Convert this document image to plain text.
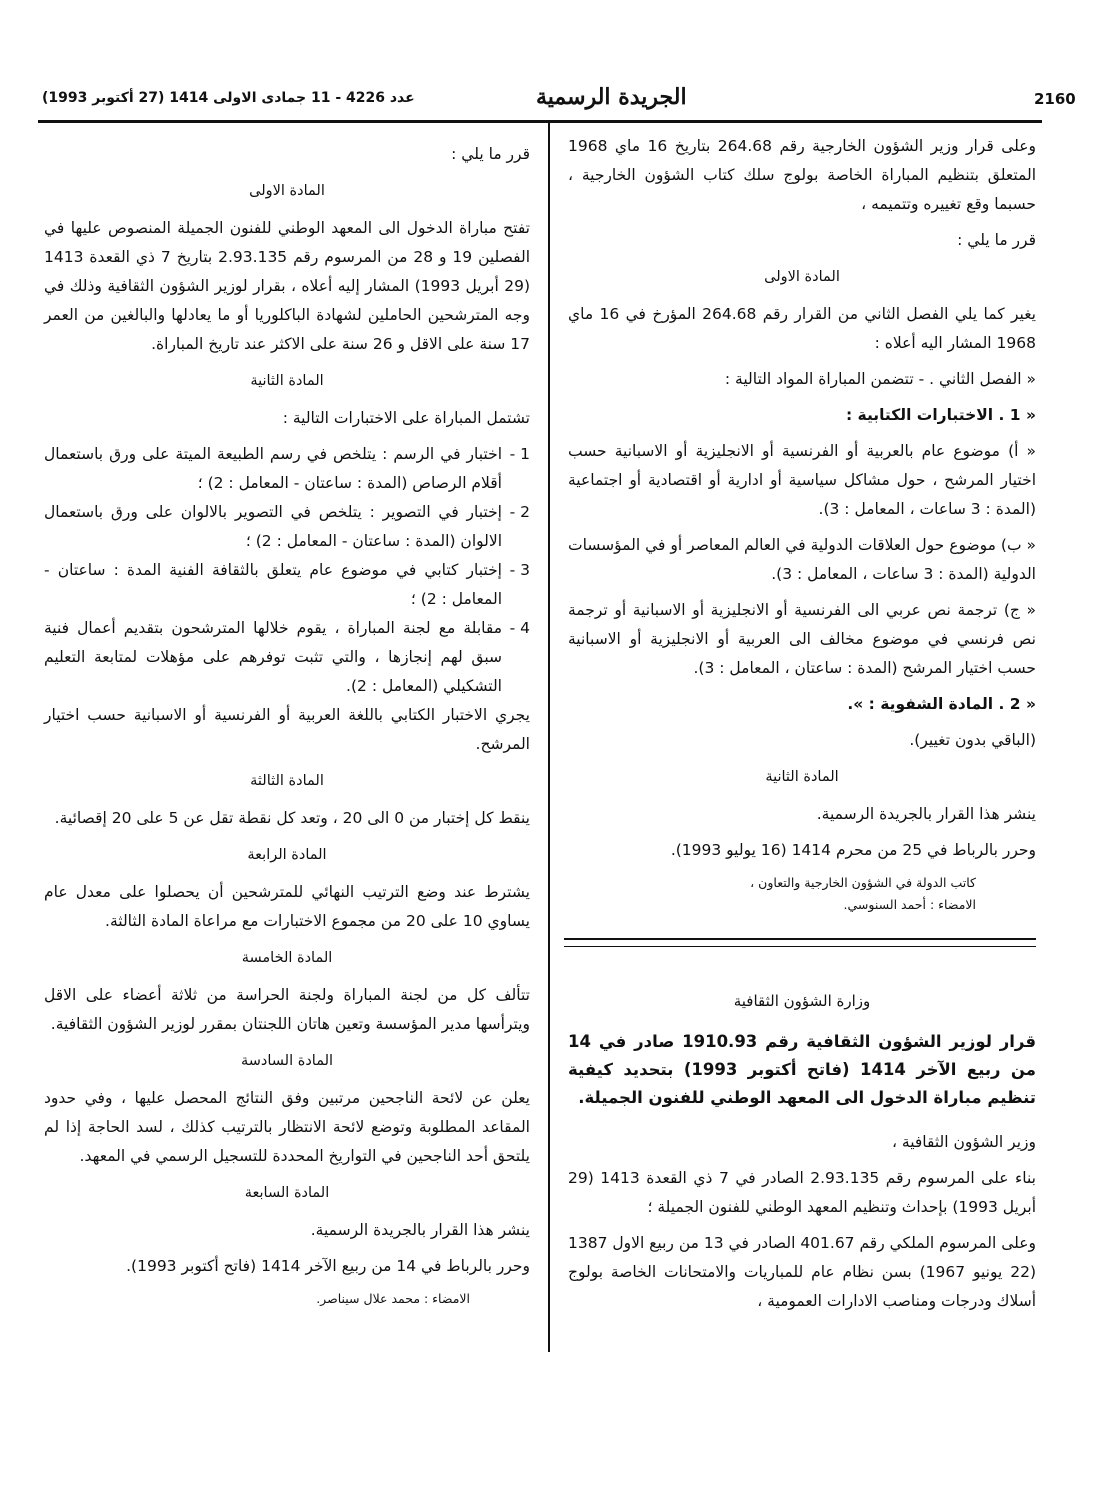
2160
الجريدة الرسمية
عدد 4226 - 11 جمادى الاولى 1414 (27 أكتوبر 1993)

وعلى قرار وزير الشؤون الخارجية رقم 264.68 بتاريخ 16 ماي 1968 المتعلق بتنظيم المباراة الخاصة بولوج سلك كتاب الشؤون الخارجية ، حسبما وقع تغييره وتتميمه ،

قرر ما يلي :

المادة الاولى

يغير كما يلي الفصل الثاني من القرار رقم 264.68 المؤرخ في 16 ماي 1968 المشار اليه أعلاه :

« الفصل الثاني . - تتضمن المباراة المواد التالية :

« 1 . الاختبارات الكتابية :

« أ) موضوع عام بالعربية أو الفرنسية أو الانجليزية أو الاسبانية حسب اختيار المرشح ، حول مشاكل سياسية أو ادارية أو اقتصادية أو اجتماعية (المدة : 3 ساعات ، المعامل : 3).

« ب) موضوع حول العلاقات الدولية في العالم المعاصر أو في المؤسسات الدولية (المدة : 3 ساعات ، المعامل : 3).

« ج) ترجمة نص عربي الى الفرنسية أو الانجليزية أو الاسبانية أو ترجمة نص فرنسي في موضوع مخالف الى العربية أو الانجليزية أو الاسبانية حسب اختيار المرشح (المدة : ساعتان ، المعامل : 3).

« 2 . المادة الشفوية : ».

(الباقي بدون تغيير).

المادة الثانية

ينشر هذا القرار بالجريدة الرسمية.

وحرر بالرباط في 25 من محرم 1414 (16 يوليو 1993).

كاتب الدولة في الشؤون الخارجية والتعاون ،
الامضاء : أحمد السنوسي.

وزارة الشؤون الثقافية

قرار لوزير الشؤون الثقافية رقم 1910.93 صادر في 14 من ربيع الآخر 1414 (فاتح أكتوبر 1993) بتحديد كيفية تنظيم مباراة الدخول الى المعهد الوطني للفنون الجميلة.

وزير الشؤون الثقافية ،

بناء على المرسوم رقم 2.93.135 الصادر في 7 ذي القعدة 1413 (29 أبريل 1993) بإحداث وتنظيم المعهد الوطني للفنون الجميلة ؛

وعلى المرسوم الملكي رقم 401.67 الصادر في 13 من ربيع الاول 1387 (22 يونيو 1967) بسن نظام عام للمباريات والامتحانات الخاصة بولوج أسلاك ودرجات ومناصب الادارات العمومية ،

قرر ما يلي :

المادة الاولى

تفتح مباراة الدخول الى المعهد الوطني للفنون الجميلة المنصوص عليها في الفصلين 19 و 28 من المرسوم رقم 2.93.135 بتاريخ 7 ذي القعدة 1413 (29 أبريل 1993) المشار إليه أعلاه ، بقرار لوزير الشؤون الثقافية وذلك في وجه المترشحين الحاملين لشهادة الباكلوريا أو ما يعادلها والبالغين من العمر 17 سنة على الاقل و 26 سنة على الاكثر عند تاريخ المباراة.

المادة الثانية

تشتمل المباراة على الاختبارات التالية :

1 -
اختبار في الرسم : يتلخص في رسم الطبيعة الميتة على ورق باستعمال أقلام الرصاص (المدة : ساعتان - المعامل : 2) ؛
2 -
إختبار في التصوير : يتلخص في التصوير بالالوان على ورق باستعمال الالوان (المدة : ساعتان - المعامل : 2) ؛
3 -
إختبار كتابي في موضوع عام يتعلق بالثقافة الفنية المدة : ساعتان - المعامل : 2) ؛
4 -
مقابلة مع لجنة المباراة ، يقوم خلالها المترشحون بتقديم أعمال فنية سبق لهم إنجازها ، والتي تثبت توفرهم على مؤهلات لمتابعة التعليم التشكيلي (المعامل : 2).

يجري الاختبار الكتابي باللغة العربية أو الفرنسية أو الاسبانية حسب اختيار المرشح.

المادة الثالثة

ينقط كل إختبار من 0 الى 20 ، وتعد كل نقطة تقل عن 5 على 20 إقصائية.

المادة الرابعة

يشترط عند وضع الترتيب النهائي للمترشحين أن يحصلوا على معدل عام يساوي 10 على 20 من مجموع الاختبارات مع مراعاة المادة الثالثة.

المادة الخامسة

تتألف كل من لجنة المباراة ولجنة الحراسة من ثلاثة أعضاء على الاقل ويترأسها مدير المؤسسة وتعين هاتان اللجنتان بمقرر لوزير الشؤون الثقافية.

المادة السادسة

يعلن عن لائحة الناجحين مرتبين وفق النتائج المحصل عليها ، وفي حدود المقاعد المطلوبة وتوضع لائحة الانتظار بالترتيب كذلك ، لسد الحاجة إذا لم يلتحق أحد الناجحين في التواريخ المحددة للتسجيل الرسمي في المعهد.

المادة السابعة

ينشر هذا القرار بالجريدة الرسمية.

وحرر بالرباط في 14 من ربيع الآخر 1414 (فاتح أكتوبر 1993).

الامضاء : محمد علال سيناصر.
